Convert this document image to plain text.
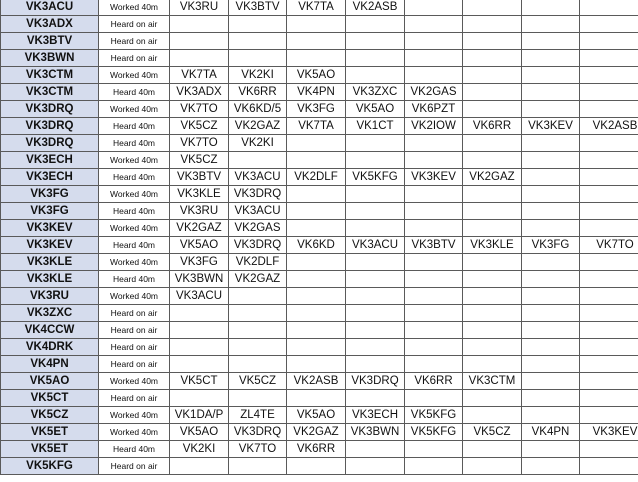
VK3ACU	Worked 40m	VK3RU	VK3BTV	VK7TA	VK2ASB				
VK3ADX	Heard on air								
VK3BTV	Heard on air								
VK3BWN	Heard on air								
VK3CTM	Worked 40m	VK7TA	VK2KI	VK5AO					
VK3CTM	Heard 40m	VK3ADX	VK6RR	VK4PN	VK3ZXC	VK2GAS			
VK3DRQ	Worked 40m	VK7TO	VK6KD/5	VK3FG	VK5AO	VK6PZT			
VK3DRQ	Heard 40m	VK5CZ	VK2GAZ	VK7TA	VK1CT	VK2IOW	VK6RR	VK3KEV	VK2ASB
VK3DRQ	Heard 40m	VK7TO	VK2KI						
VK3ECH	Worked 40m	VK5CZ							
VK3ECH	Heard 40m	VK3BTV	VK3ACU	VK2DLF	VK5KFG	VK3KEV	VK2GAZ		
VK3FG	Worked 40m	VK3KLE	VK3DRQ						
VK3FG	Heard 40m	VK3RU	VK3ACU						
VK3KEV	Worked 40m	VK2GAZ	VK2GAS						
VK3KEV	Heard 40m	VK5AO	VK3DRQ	VK6KD	VK3ACU	VK3BTV	VK3KLE	VK3FG	VK7TO
VK3KLE	Worked 40m	VK3FG	VK2DLF						
VK3KLE	Heard 40m	VK3BWN	VK2GAZ						
VK3RU	Worked 40m	VK3ACU							
VK3ZXC	Heard on air								
VK4CCW	Heard on air								
VK4DRK	Heard on air								
VK4PN	Heard on air								
VK5AO	Worked 40m	VK5CT	VK5CZ	VK2ASB	VK3DRQ	VK6RR	VK3CTM		
VK5CT	Heard on air								
VK5CZ	Worked 40m	VK1DA/P	ZL4TE	VK5AO	VK3ECH	VK5KFG			
VK5ET	Worked 40m	VK5AO	VK3DRQ	VK2GAZ	VK3BWN	VK5KFG	VK5CZ	VK4PN	VK3KEV
VK5ET	Heard 40m	VK2KI	VK7TO	VK6RR					
VK5KFG	Heard on air								
